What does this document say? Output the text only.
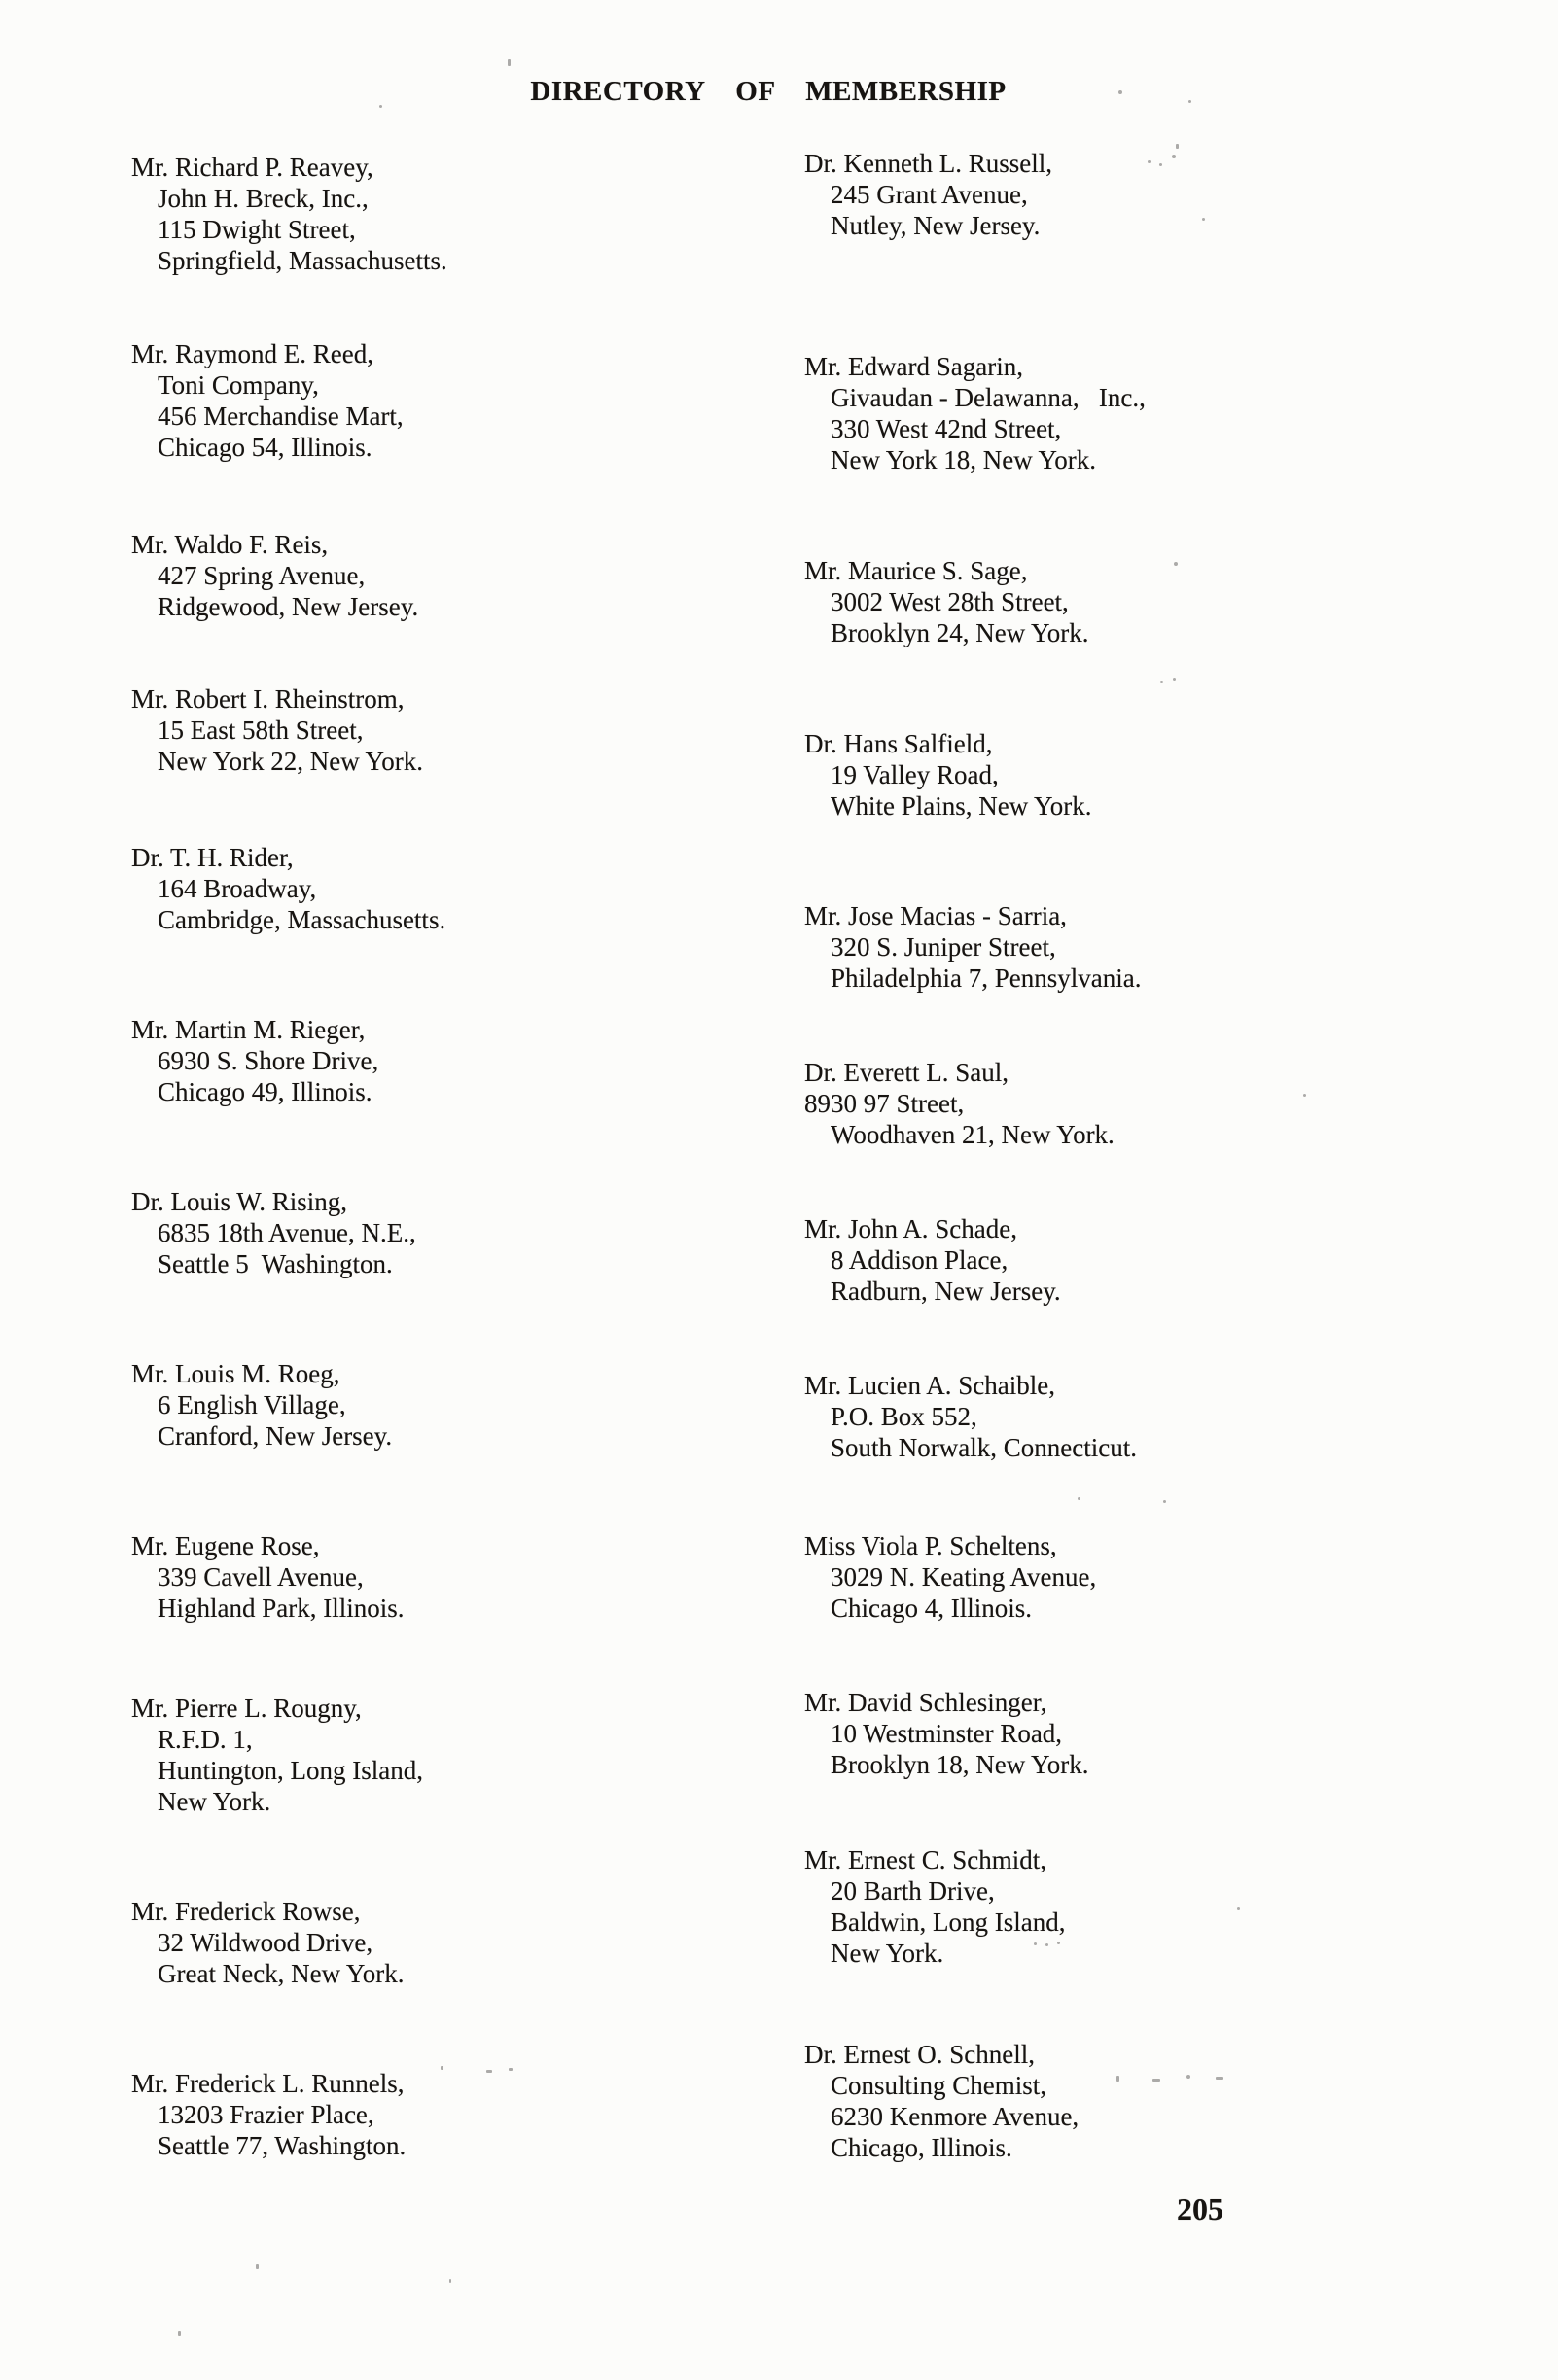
DIRECTORY OF MEMBERSHIP
Mr. Richard P. Reavey,
John H. Breck, Inc.,
115 Dwight Street,
Springfield, Massachusetts.
Mr. Raymond E. Reed,
Toni Company,
456 Merchandise Mart,
Chicago 54, Illinois.
Mr. Waldo F. Reis,
427 Spring Avenue,
Ridgewood, New Jersey.
Mr. Robert I. Rheinstrom,
15 East 58th Street,
New York 22, New York.
Dr. T. H. Rider,
164 Broadway,
Cambridge, Massachusetts.
Mr. Martin M. Rieger,
6930 S. Shore Drive,
Chicago 49, Illinois.
Dr. Louis W. Rising,
6835 18th Avenue, N.E.,
Seattle 5  Washington.
Mr. Louis M. Roeg,
6 English Village,
Cranford, New Jersey.
Mr. Eugene Rose,
339 Cavell Avenue,
Highland Park, Illinois.
Mr. Pierre L. Rougny,
R.F.D. 1,
Huntington, Long Island,
New York.
Mr. Frederick Rowse,
32 Wildwood Drive,
Great Neck, New York.
Mr. Frederick L. Runnels,
13203 Frazier Place,
Seattle 77, Washington.
Dr. Kenneth L. Russell,
245 Grant Avenue,
Nutley, New Jersey.
Mr. Edward Sagarin,
Givaudan - Delawanna,   Inc.,
330 West 42nd Street,
New York 18, New York.
Mr. Maurice S. Sage,
3002 West 28th Street,
Brooklyn 24, New York.
Dr. Hans Salfield,
19 Valley Road,
White Plains, New York.
Mr. Jose Macias - Sarria,
320 S. Juniper Street,
Philadelphia 7, Pennsylvania.
Dr. Everett L. Saul,
8930 97 Street,
Woodhaven 21, New York.
Mr. John A. Schade,
8 Addison Place,
Radburn, New Jersey.
Mr. Lucien A. Schaible,
P.O. Box 552,
South Norwalk, Connecticut.
Miss Viola P. Scheltens,
3029 N. Keating Avenue,
Chicago 4, Illinois.
Mr. David Schlesinger,
10 Westminster Road,
Brooklyn 18, New York.
Mr. Ernest C. Schmidt,
20 Barth Drive,
Baldwin, Long Island,
New York.
Dr. Ernest O. Schnell,
Consulting Chemist,
6230 Kenmore Avenue,
Chicago, Illinois.
205
